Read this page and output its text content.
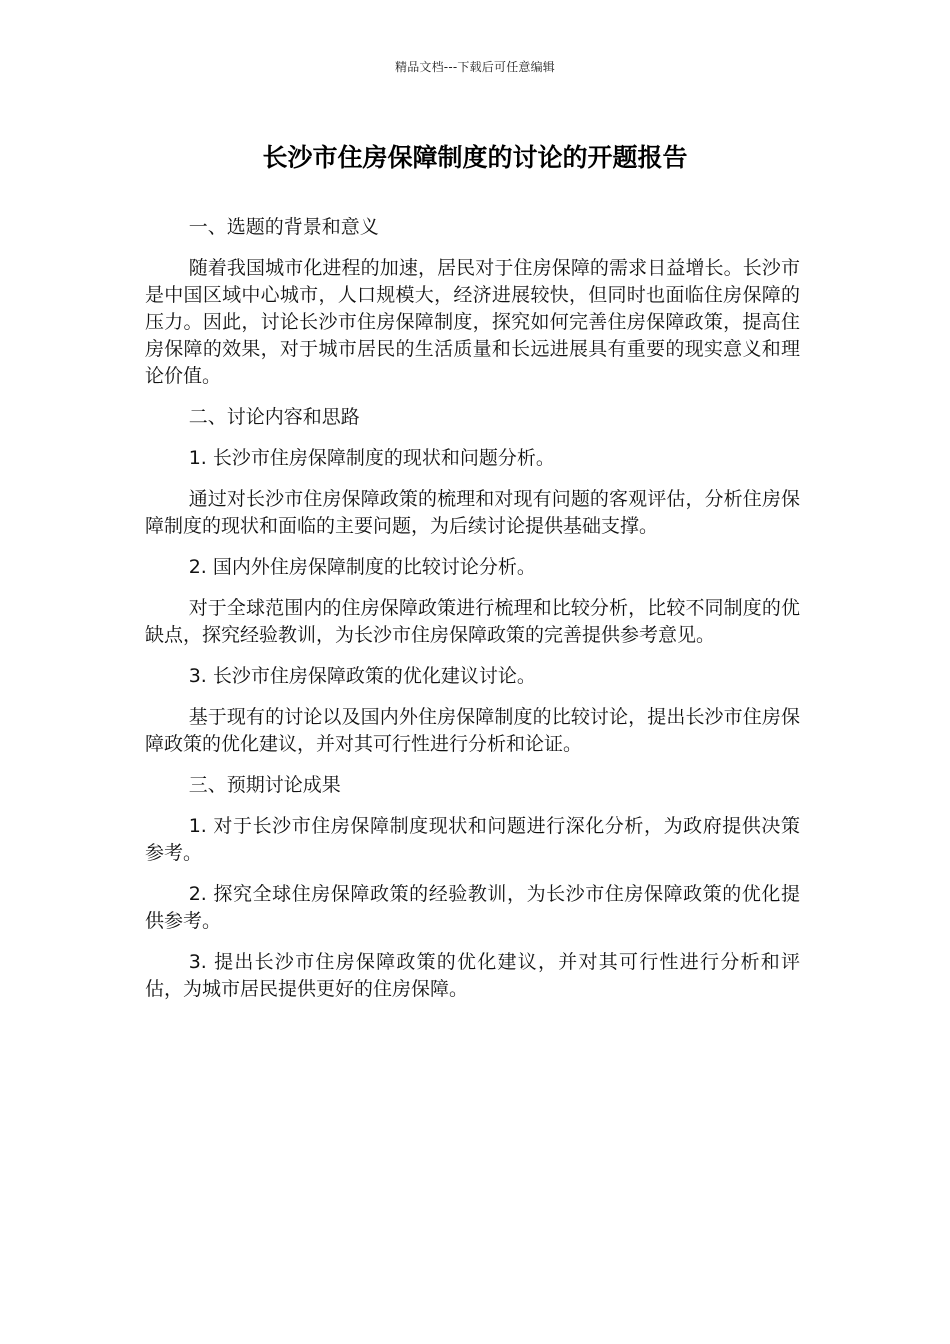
精品文档---下载后可任意编辑
长沙市住房保障制度的讨论的开题报告

一、选题的背景和意义

随着我国城市化进程的加速，居民对于住房保障的需求日益增长。长沙市是中国区域中心城市，人口规模大，经济进展较快，但同时也面临住房保障的压力。因此，讨论长沙市住房保障制度，探究如何完善住房保障政策，提高住房保障的效果，对于城市居民的生活质量和长远进展具有重要的现实意义和理论价值。

二、讨论内容和思路

1. 长沙市住房保障制度的现状和问题分析。

通过对长沙市住房保障政策的梳理和对现有问题的客观评估，分析住房保障制度的现状和面临的主要问题，为后续讨论提供基础支撑。

2. 国内外住房保障制度的比较讨论分析。

对于全球范围内的住房保障政策进行梳理和比较分析，比较不同制度的优缺点，探究经验教训，为长沙市住房保障政策的完善提供参考意见。

3. 长沙市住房保障政策的优化建议讨论。

基于现有的讨论以及国内外住房保障制度的比较讨论，提出长沙市住房保障政策的优化建议，并对其可行性进行分析和论证。

三、预期讨论成果

1. 对于长沙市住房保障制度现状和问题进行深化分析，为政府提供决策参考。

2. 探究全球住房保障政策的经验教训，为长沙市住房保障政策的优化提供参考。

3. 提出长沙市住房保障政策的优化建议，并对其可行性进行分析和评估，为城市居民提供更好的住房保障。
